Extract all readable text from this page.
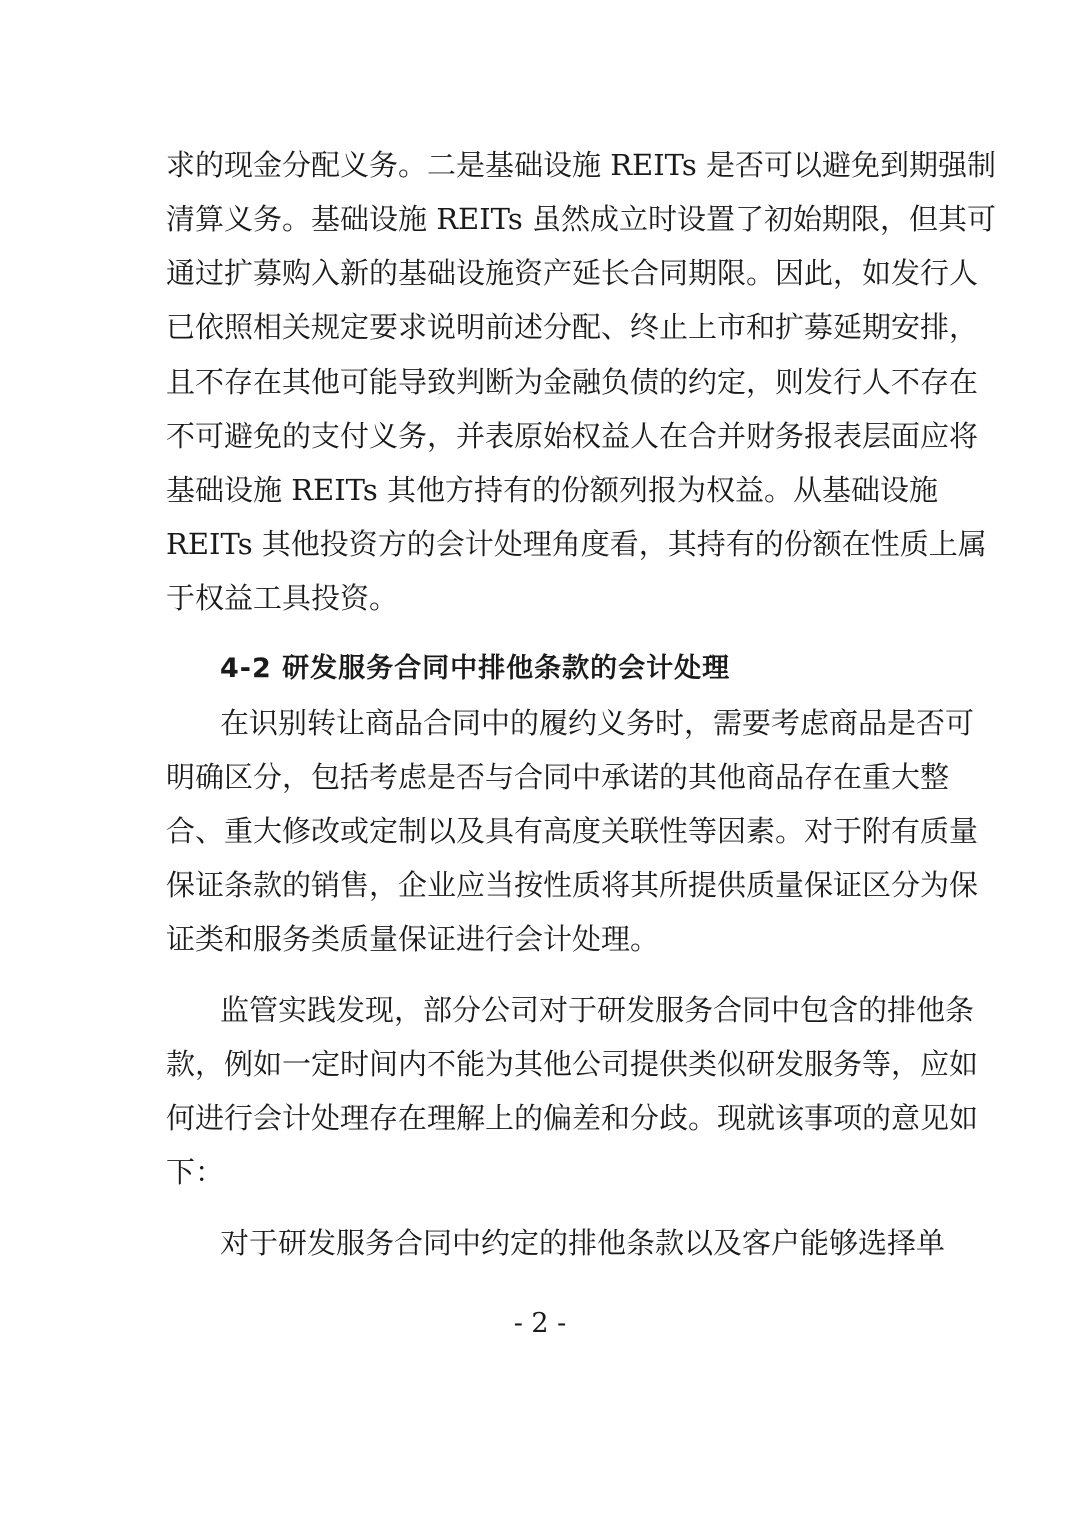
求的现金分配义务。二是基础设施 REITs 是否可以避免到期强制
清算义务。基础设施 REITs 虽然成立时设置了初始期限，但其可
通过扩募购入新的基础设施资产延长合同期限。因此，如发行人
已依照相关规定要求说明前述分配、终止上市和扩募延期安排，
且不存在其他可能导致判断为金融负债的约定，则发行人不存在
不可避免的支付义务，并表原始权益人在合并财务报表层面应将
基础设施 REITs 其他方持有的份额列报为权益。从基础设施
REITs 其他投资方的会计处理角度看，其持有的份额在性质上属
于权益工具投资。
4-2 研发服务合同中排他条款的会计处理
在识别转让商品合同中的履约义务时，需要考虑商品是否可
明确区分，包括考虑是否与合同中承诺的其他商品存在重大整
合、重大修改或定制以及具有高度关联性等因素。对于附有质量
保证条款的销售，企业应当按性质将其所提供质量保证区分为保
证类和服务类质量保证进行会计处理。
监管实践发现，部分公司对于研发服务合同中包含的排他条
款，例如一定时间内不能为其他公司提供类似研发服务等，应如
何进行会计处理存在理解上的偏差和分歧。现就该事项的意见如
下：
对于研发服务合同中约定的排他条款以及客户能够选择单
- 2 -
